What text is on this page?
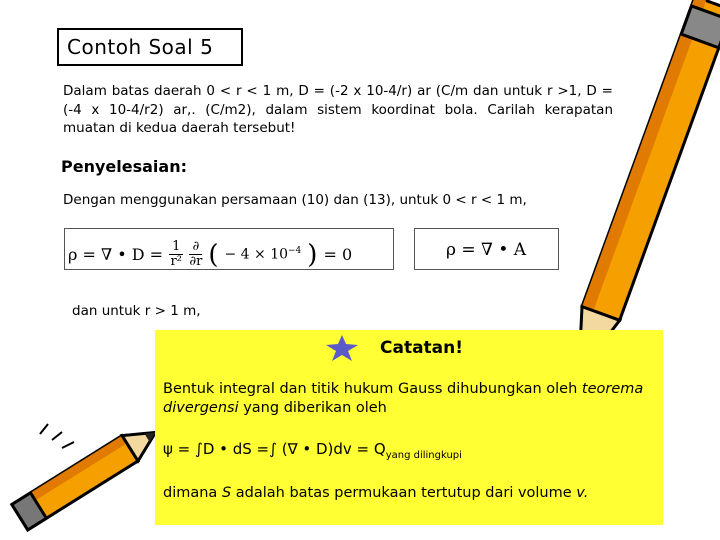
Contoh Soal 5
Dalam batas daerah 0 < r < 1 m, D = (-2 x 10-4/r) ar (C/m dan untuk r >1, D = (-4 x 10-4/r2) ar,. (C/m2), dalam sistem koordinat bola. Carilah kerapatan muatan di kedua daerah tersebut!
Penyelesaian:
Dengan menggunakan persamaan (10) dan (13), untuk 0 < r < 1 m,
ρ = ∇ • $D = \frac{1}{\text{r²}}$ ∂
∂r ( − $4 \times 10^{-4}$ ) = 0	ρ = ∇ • A
dan untuk r > 1 m,
Catatan!
Bentuk integral dan titik hukum Gauss dihubungkan oleh teorema divergensi yang diberikan oleh
ψ = ∫D • dS =∫ (∇ • $D)dv = Q_{yang dilingkupi}$
dimana S adalah batas permukaan tertutup dari volume v.
